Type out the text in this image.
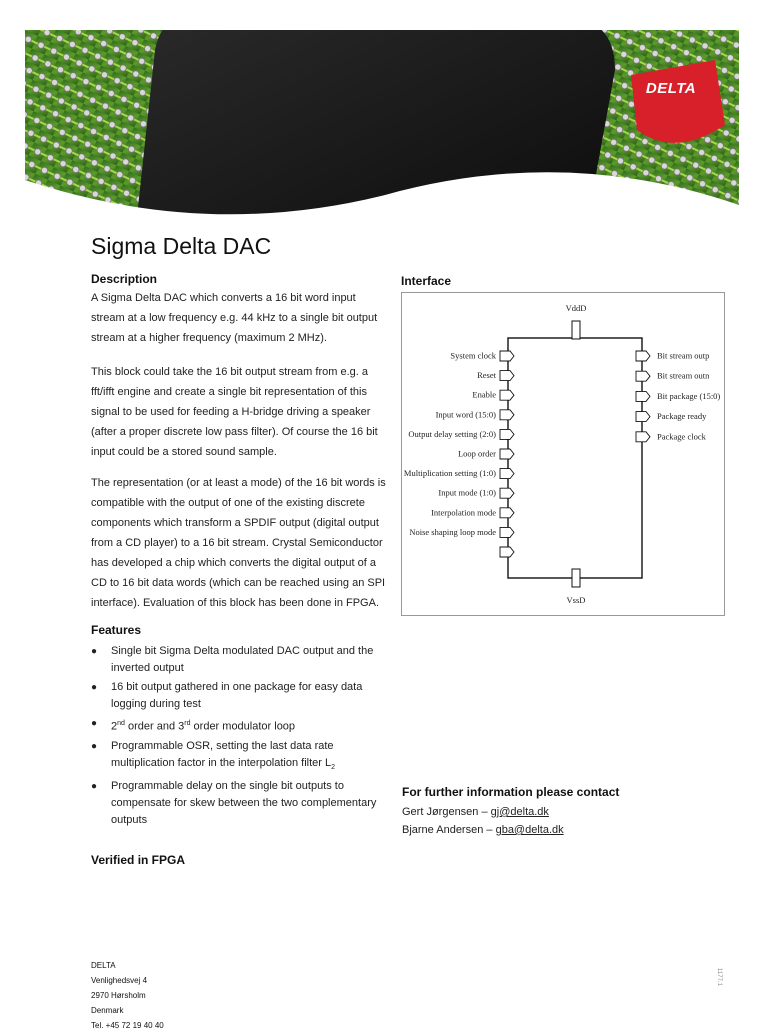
DELTA
Sigma Delta DAC
Description

A Sigma Delta DAC which converts a 16 bit word input stream at a low frequency e.g. 44 kHz to a single bit output stream at a higher frequency (maximum 2 MHz).

This block could take the 16 bit output stream from e.g. a fft/ifft engine and create a single bit representation of this signal to be used for feeding a H-bridge driving a speaker (after a proper discrete low pass filter). Of course the 16 bit input could be a stored sound sample.

The representation (or at least a mode) of the 16 bit words is compatible with the output of one of the existing discrete components which transform a SPDIF output (digital output from a CD player) to a 16 bit stream. Crystal Semiconductor has developed a chip which converts the digital output of a CD to 16 bit data words (which can be reached using an SPI interface). Evaluation of this block has been done in FPGA.

Features
● Single bit Sigma Delta modulated DAC output and the inverted output
● 16 bit output gathered in one package for easy data logging during test
● 2nd order and 3rd order modulator loop
● Programmable OSR, setting the last data rate multiplication factor in the interpolation filter $L_2$
● Programmable delay on the single bit outputs to compensate for skew between the two complementary outputs
Verified in FPGA
Interface
VddD
VssD
System clock
Reset
Enable
Input word (15:0)
Output delay setting (2:0)
Loop order
Multiplication setting (1:0)
Input mode (1:0)
Interpolation mode
Noise shaping loop mode
Bit stream outp
Bit stream outn
Bit package (15:0)
Package ready
Package clock
For further information please contact
Gert Jørgensen – gj@delta.dk
Bjarne Andersen – gba@delta.dk
DELTA
Venlighedsvej 4
2970 Hørsholm
Denmark
Tel. +45 72 19 40 40
1177.1
